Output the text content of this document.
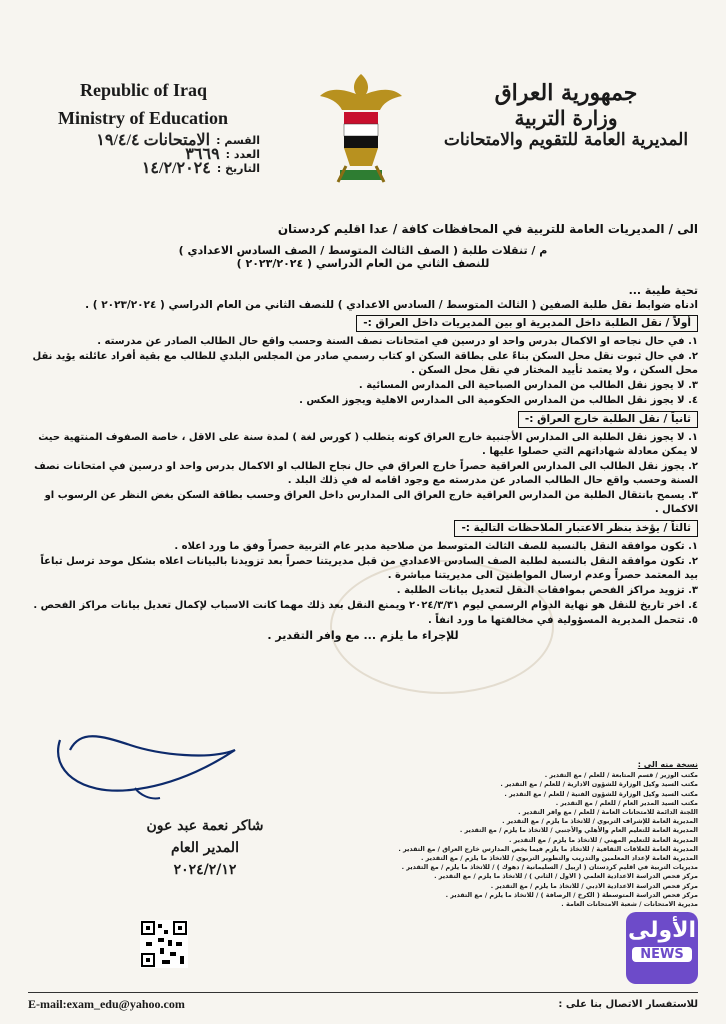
Republic of Iraq
Ministry of Education
القسم :
الامتحانات ١٩/٤/٤
العدد :
٣٦٦٩
التاريخ :
١٤/٢/٢٠٢٤
جمهورية العراق
وزارة التربية
المديرية العامة للتقويم والامتحانات
الى / المديريات العامة للتربية في المحافظات كافة / عدا اقليم كردستان
م / تنقلات طلبة ( الصف الثالث المتوسط / الصف السادس الاعدادي )
للنصف الثاني من العام الدراسي ( ٢٠٢٣/٢٠٢٤ )
تحية طيبة ...
ادناه ضوابط نقل طلبة الصفين ( الثالث المتوسط / السادس الاعدادي ) للنصف الثاني من العام الدراسي ( ٢٠٢٣/٢٠٢٤ ) .
أولاً / نقل الطلبة داخل المديرية او بين المديريات داخل العراق :-
١. في حال نجاحه او الاكمال بدرس واحد او درسين في امتحانات نصف السنة وحسب واقع حال الطالب الصادر عن مدرسته .
٢. في حال ثبوت نقل محل السكن بناءً على بطاقة السكن او كتاب رسمي صادر من المجلس البلدي للطالب مع بقية أفراد عائلته يؤيد نقل محل السكن ، ولا يعتمد تأييد المختار في نقل محل السكن .
٣. لا يجوز نقل الطالب من المدارس الصباحية الى المدارس المسائية .
٤. لا يجوز نقل الطالب من المدارس الحكومية الى المدارس الاهلية ويجوز العكس .
ثانياً / نقل الطلبة خارج العراق :-
١. لا يجوز نقل الطلبة الى المدارس الأجنبية خارج العراق كونه يتطلب ( كورس لغة ) لمدة سنة على الاقل ، خاصة الصفوف المنتهية حيث لا يمكن معادلة شهاداتهم التي حصلوا عليها .
٢. يجوز نقل الطالب الى المدارس العراقية حصراً خارج العراق في حال نجاح الطالب او الاكمال بدرس واحد او درسين في امتحانات نصف السنة وحسب واقع حال الطالب الصادر عن مدرسته مع وجود اقامه له في ذلك البلد .
٣. يسمح بانتقال الطلبة من المدارس العراقية خارج العراق الى المدارس داخل العراق وحسب بطاقة السكن بغض النظر عن الرسوب او الاكمال .
ثالثاً / يؤخذ بنظر الاعتبار الملاحظات التالية :-
١. تكون موافقة النقل بالنسبة للصف الثالث المتوسط من صلاحية مدير عام التربية حصراً وفق ما ورد اعلاه .
٢. تكون موافقة النقل بالنسبة لطلبة الصف السادس الاعدادي من قبل مديريتنا حصراً بعد تزويدنا بالبيانات اعلاه بشكل موحد ترسل تباعاً بيد المعتمد حصراً وعدم ارسال المواطنين الى مديريتنا مباشرة .
٣. تزويد مراكز الفحص بموافقات النقل لتعديل بيانات الطلبة .
٤. اخر تاريخ للنقل هو نهاية الدوام الرسمي ليوم ٢٠٢٤/٣/٣١ ويمنع النقل بعد ذلك مهما كانت الاسباب لإكمال تعديل بيانات مراكز الفحص .
٥. تتحمل المديرية المسؤولية في مخالفتها ما ورد انفاً .
للإجراء ما يلزم ... مع وافر التقدير .
شاكر نعمة عبد عون
المدير العام
٢٠٢٤/٢/١٢
نسخة منه الى :
مكتب الوزير / قسم المتابعة / للعلم / مع التقدير .
مكتب السيد وكيل الوزارة للشؤون الادارية / للعلم / مع التقدير .
مكتب السيد وكيل الوزارة للشؤون الفنية / للعلم / مع التقدير .
مكتب السيد المدير العام / للعلم / مع التقدير .
اللجنة الدائمة للامتحانات العامة / للعلم / مع وافر التقدير .
المديرية العامة للإشراف التربوي / للاتخاذ ما يلزم / مع التقدير .
المديرية العامة للتعليم العام والأهلي والأجنبي / للاتخاذ ما يلزم / مع التقدير .
المديرية العامة للتعليم المهني / للاتخاذ ما يلزم / مع التقدير .
المديرية العامة للعلاقات الثقافية / للاتخاذ ما يلزم فيما يخص المدارس خارج العراق / مع التقدير .
المديرية العامة لإعداد المعلمين والتدريب والتطوير التربوي / للاتخاذ ما يلزم / مع التقدير .
مديريات التربية في اقليم كردستان ( اربيل / السليمانية / دهوك ) / للاتخاذ ما يلزم / مع التقدير .
مركز فحص الدراسة الاعدادية العلمي ( الاول / الثاني ) / للاتخاذ ما يلزم / مع التقدير .
مركز فحص الدراسة الاعدادية الادبي / للاتخاذ ما يلزم / مع التقدير .
مركز فحص الدراسة المتوسطة ( الكرخ / الرصافة ) / للاتخاذ ما يلزم / مع التقدير .
مديرية الامتحانات / شعبة الامتحانات العامة .
الأولى
NEWS
E-mail:exam_edu@yahoo.com	للاستفسار الاتصال بنا على :
